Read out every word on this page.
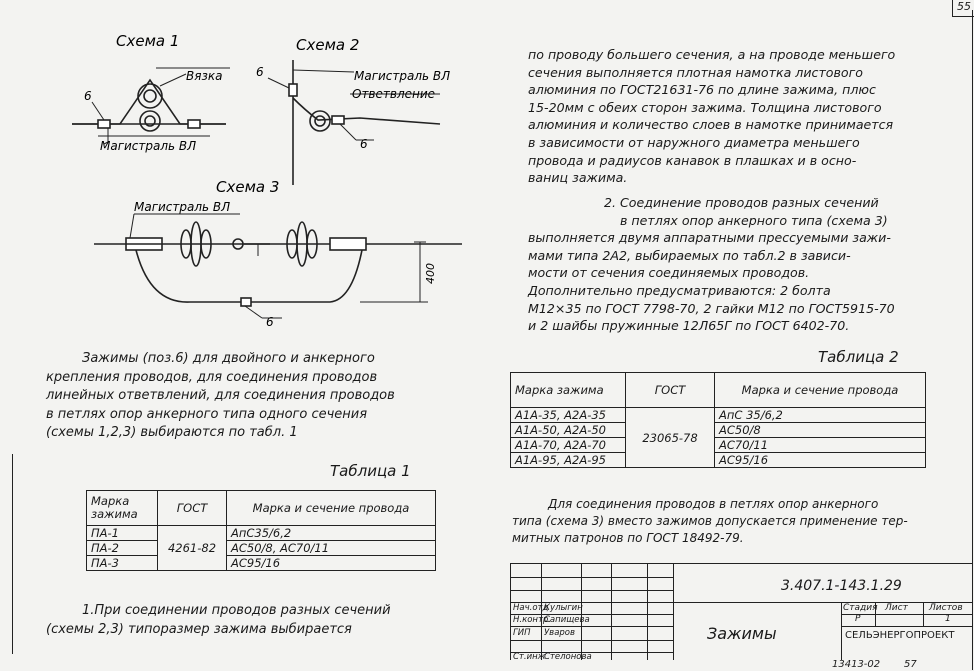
55
Схема 1	Схема 2
Схема 3
Вязка
6
Магистраль ВЛ
6	Магистраль ВЛ
Ответвление
6
Магистраль ВЛ
400
6
Зажимы (поз.6) для двойного и анкерного
крепления проводов, для соединения проводов
линейных ответвлений, для соединения проводов
в петлях опор анкерного типа одного сечения
(схемы 1,2,3) выбираются по табл. 1
Таблица 1
Марка зажима	ГОСТ	Марка и сечение провода
ПА-1	4261-82	АпС35/6,2
ПА-2		АС50/8, АС70/11
ПА-3		АС95/16
1.При соединении проводов разных сечений
(схемы 2,3) типоразмер зажима выбирается
по проводу большего сечения, а на проводе меньшего
сечения выполняется плотная намотка листового
алюминия по ГОСТ21631-76 по длине зажима, плюс
15-20мм с обеих сторон зажима. Толщина листового
алюминия и количество слоев в намотке принимается
в зависимости от наружного диаметра меньшего
провода и радиусов канавок в плашках и в осно-
ваниц зажима.
2. Соединение проводов разных сечений
в петлях опор анкерного типа (схема 3)
выполняется двумя аппаратными прессуемыми зажи-
мами типа 2А2, выбираемых по табл.2 в зависи-
мости от сечения соединяемых проводов.
Дополнительно предусматриваются: 2 болта
М12×35 по ГОСТ 7798-70, 2 гайки М12 по ГОСТ5915-70
и 2 шайбы пружинные 12Л65Г по ГОСТ 6402-70.
Таблица 2
Марка зажима	ГОСТ	Марка и сечение провода
А1А-35, А2А-35	23065-78	АпС 35/6,2
А1А-50, А2А-50		АС50/8
А1А-70, А2А-70		АС70/11
А1А-95, А2А-95		АС95/16
Для соединения проводов в петлях опор анкерного
типа (схема 3) вместо зажимов допускается применение тер-
митных патронов по ГОСТ 18492-79.
Нач.отд
Н.контр.
ГИП
Ст.инж
Кулыгин
Сапищева
Уваров
Стелонова
3.407.1-143.1.29
Зажимы
Стадия Лист Листов
Р	1
СЕЛЬЭНЕРГОПРОЕКТ
13413-02 57
